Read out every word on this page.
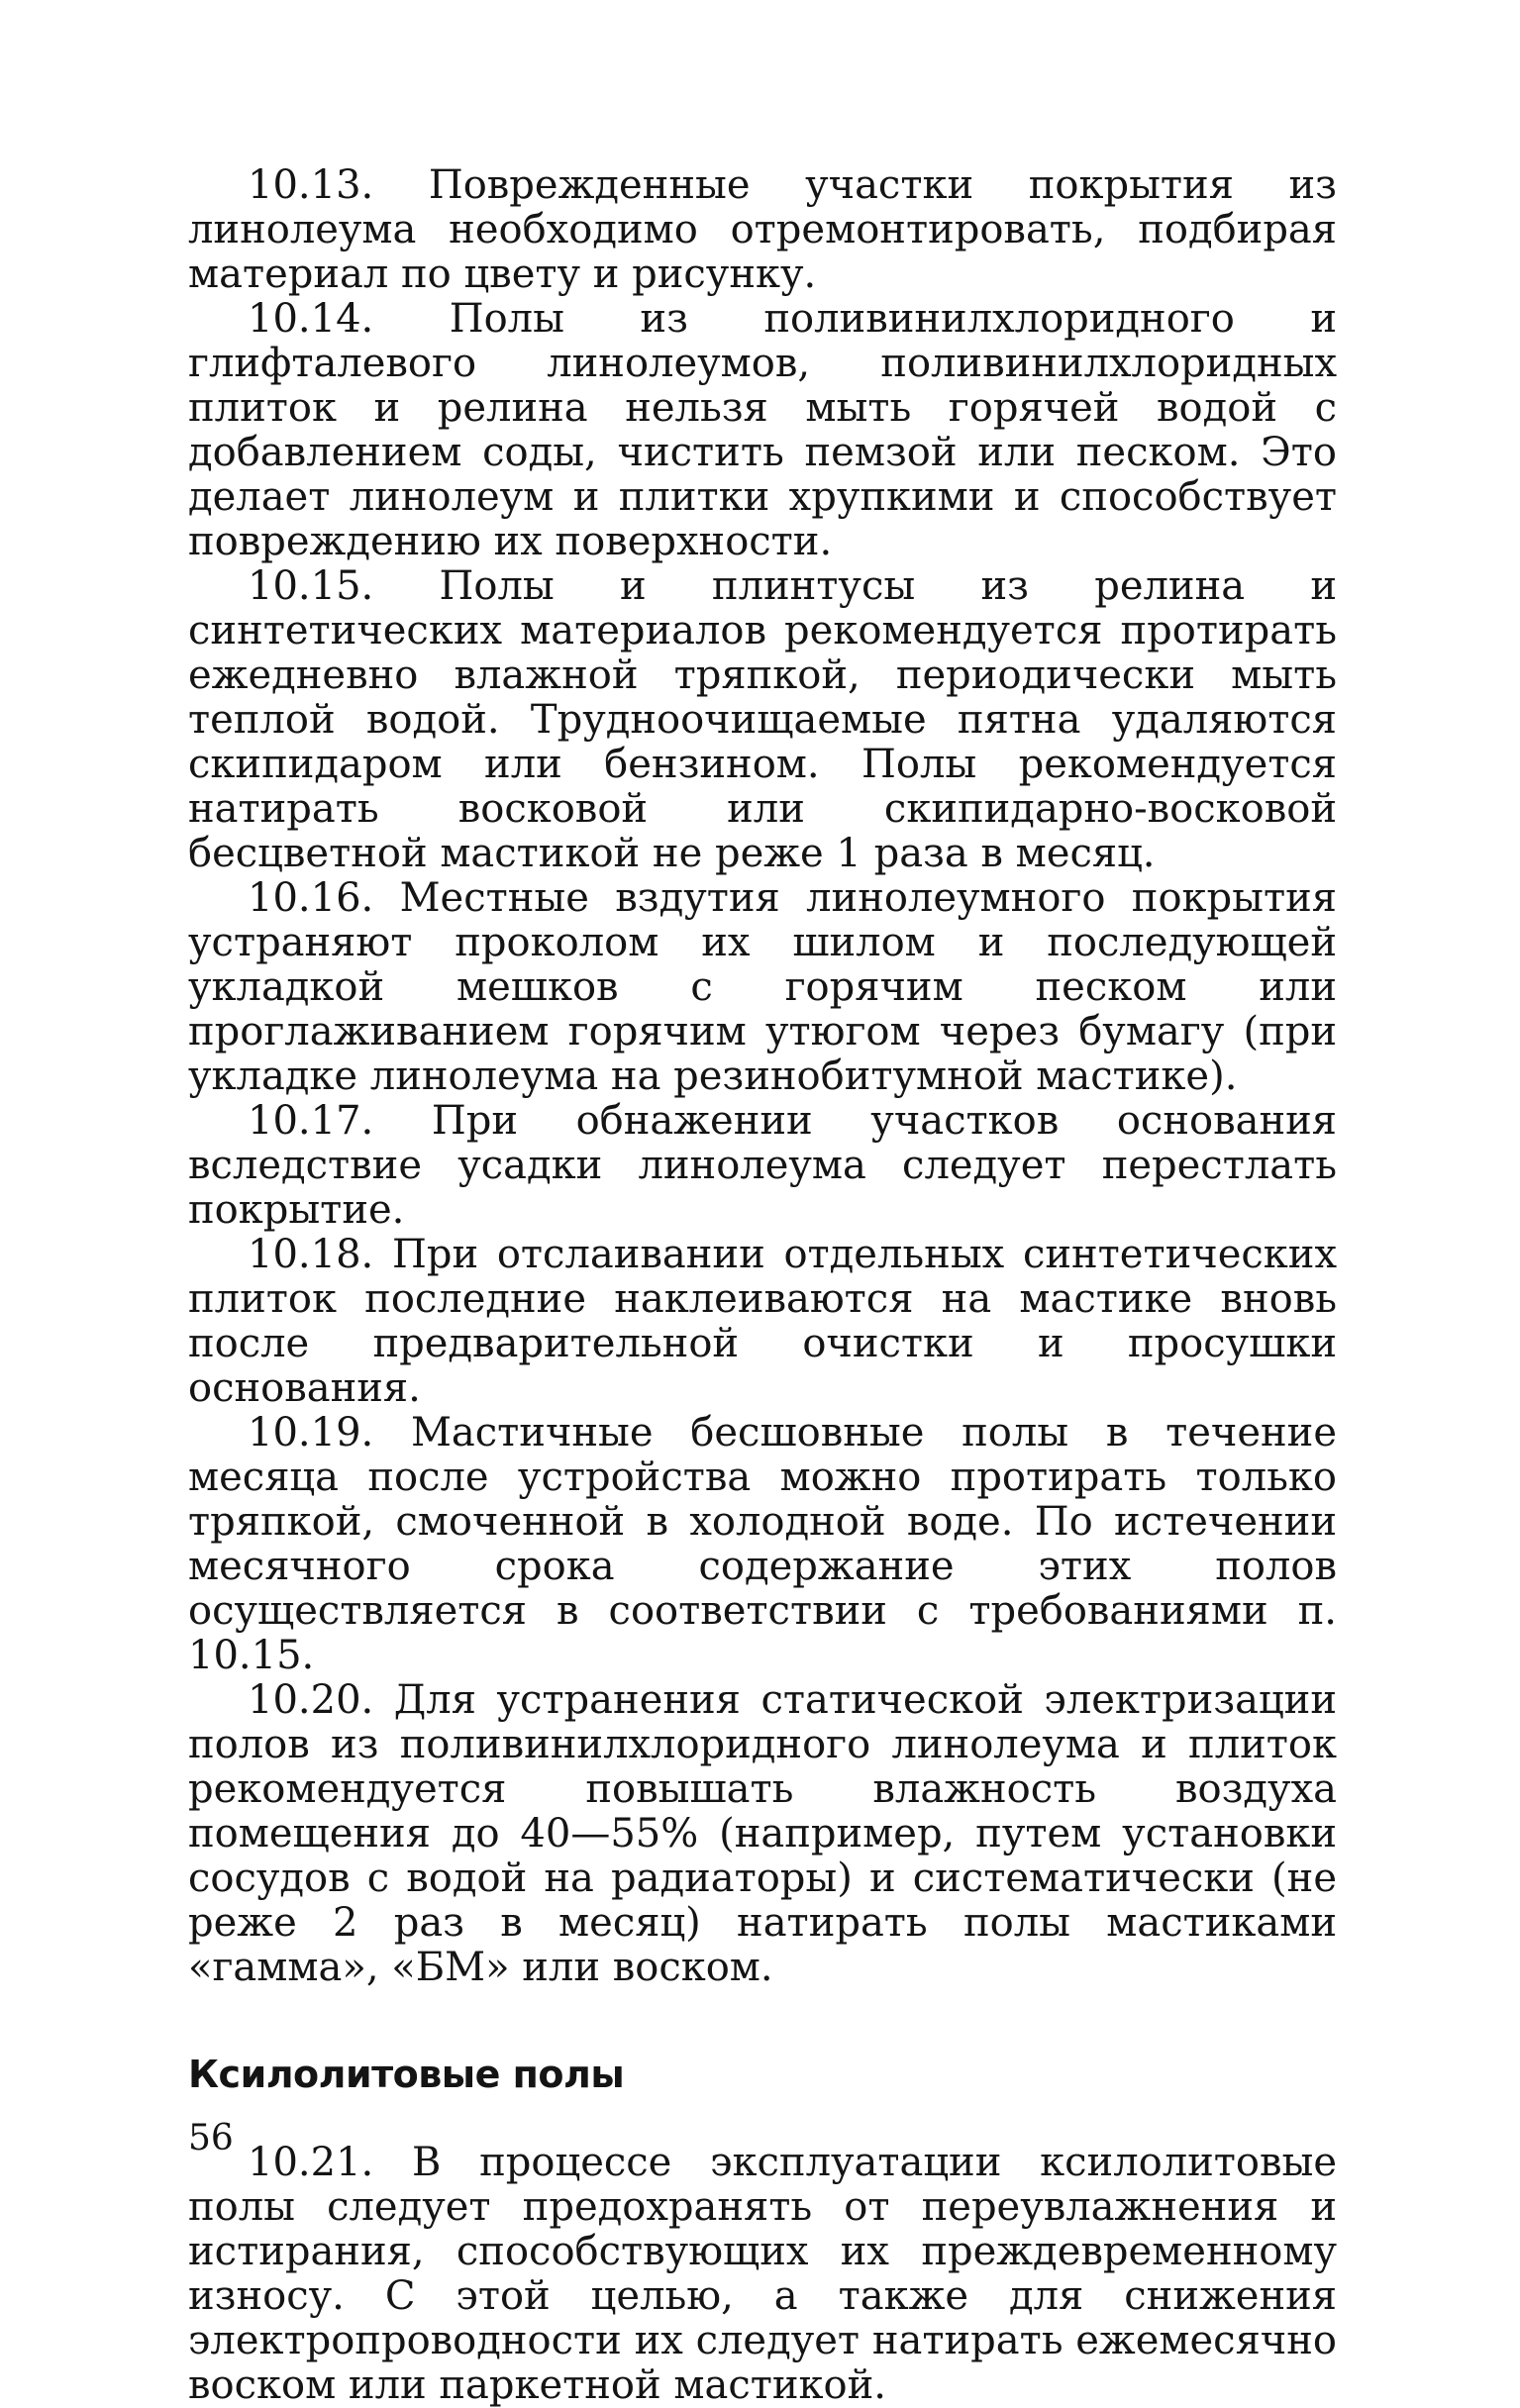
10.13. Поврежденные участки покрытия из линолеума необходимо отремонтировать, подбирая материал по цвету и рисунку.

10.14. Полы из поливинилхлоридного и глифталевого линолеумов, поливинилхлоридных плиток и релина нельзя мыть горячей водой с добавлением соды, чистить пемзой или песком. Это делает линолеум и плитки хрупкими и способствует повреждению их поверхности.

10.15. Полы и плинтусы из релина и синтетических материалов рекомендуется протирать ежедневно влажной тряпкой, периодически мыть теплой водой. Трудноочищаемые пятна удаляются скипидаром или бензином. Полы рекомендуется натирать восковой или скипидарно-восковой бесцветной мастикой не реже 1 раза в месяц.

10.16. Местные вздутия линолеумного покрытия устраняют проколом их шилом и последующей укладкой мешков с горячим песком или проглаживанием горячим утюгом через бумагу (при укладке линолеума на резинобитумной мастике).

10.17. При обнажении участков основания вследствие усадки линолеума следует перестлать покрытие.

10.18. При отслаивании отдельных синтетических плиток последние наклеиваются на мастике вновь после предварительной очистки и просушки основания.

10.19. Мастичные бесшовные полы в течение месяца после устройства можно протирать только тряпкой, смоченной в холодной воде. По истечении месячного срока содержание этих полов осуществляется в соответствии с требованиями п. 10.15.

10.20. Для устранения статической электризации полов из поливинилхлоридного линолеума и плиток рекомендуется повышать влажность воздуха помещения до 40—55% (например, путем установки сосудов с водой на радиаторы) и систематически (не реже 2 раз в месяц) натирать полы мастиками «гамма», «БМ» или воском.

Ксилолитовые полы

10.21. В процессе эксплуатации ксилолитовые полы следует предохранять от переувлажнения и истирания, способствующих их преждевременному износу. С этой целью, а также для снижения электропроводности их следует натирать ежемесячно воском или паркетной мастикой.

56
